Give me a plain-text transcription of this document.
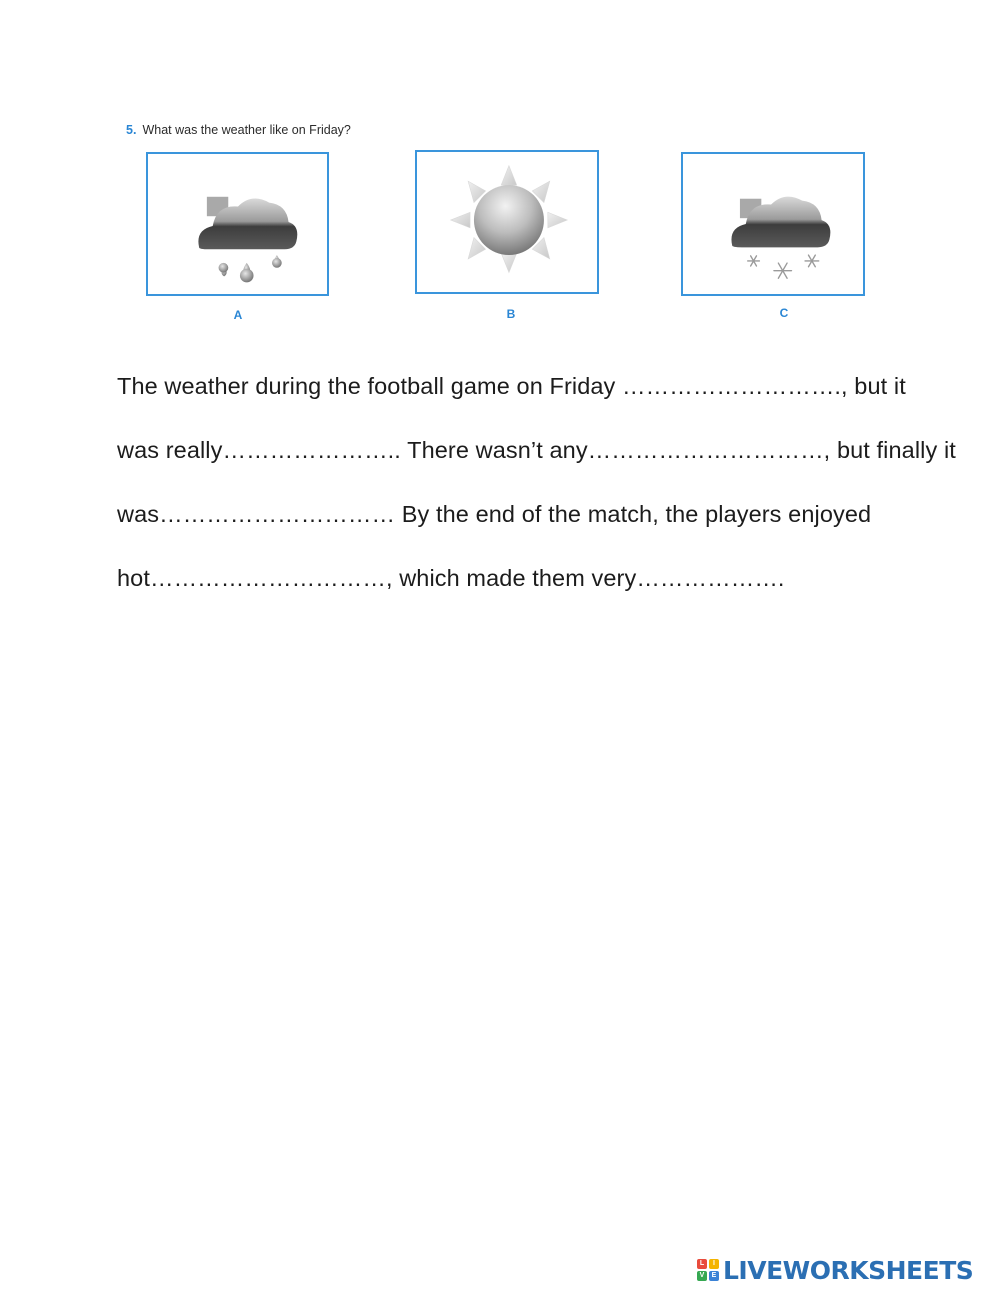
5. What was the weather like on Friday?
A	B	C
The weather during the football game on Friday ………………………., but it
was really………………….. There wasn’t any…………………………, but finally it
was………………………… By the end of the match, the players enjoyed
hot…………………………, which made them very……………….
L	I
V	E LIVEWORKSHEETS
